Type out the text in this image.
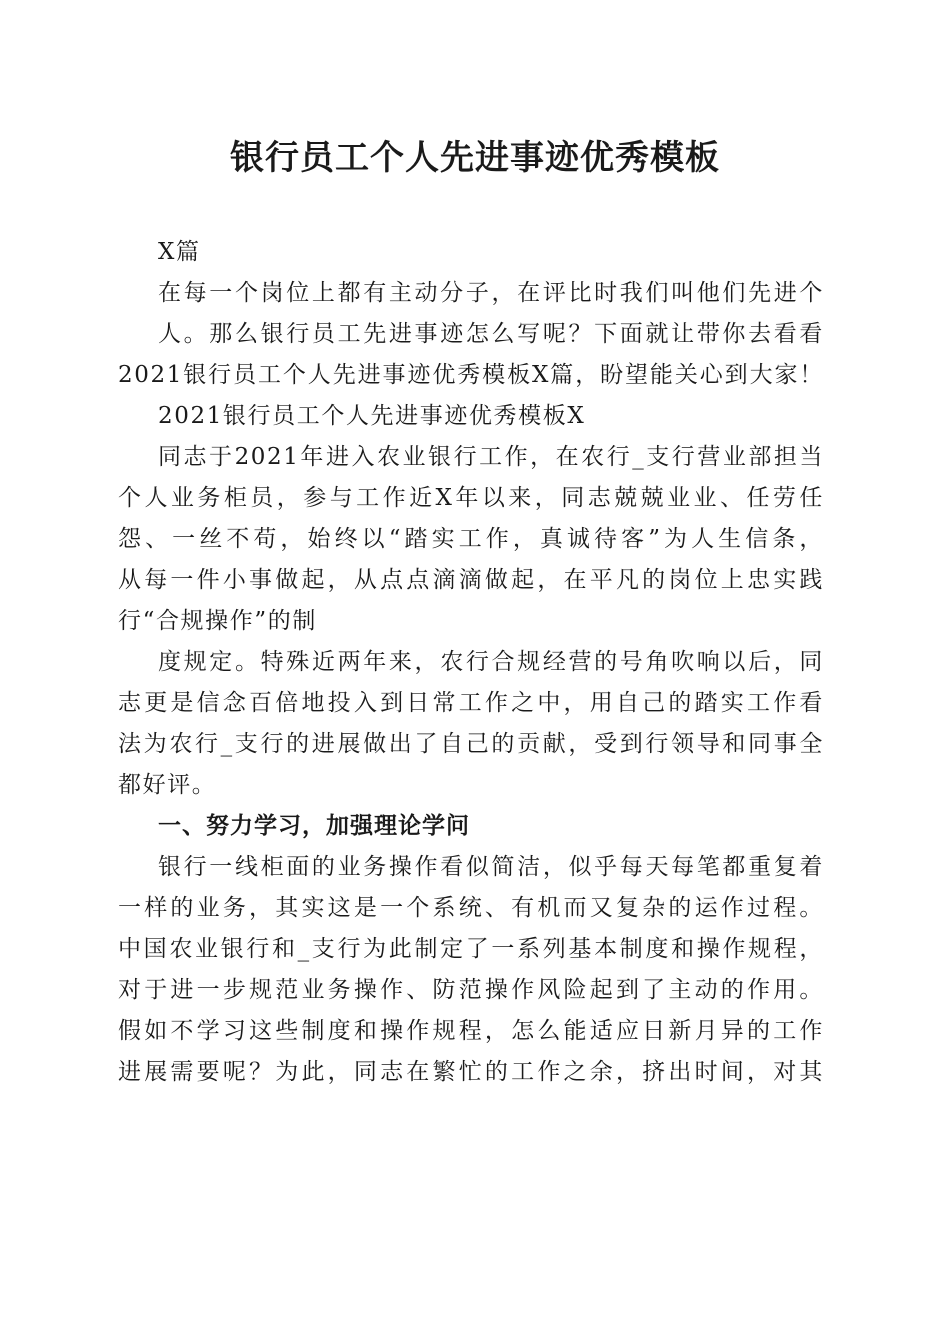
银行员工个人先进事迹优秀模板

X篇

在每一个岗位上都有主动分子，在评比时我们叫他们先进个

人。那么银行员工先进事迹怎么写呢？下面就让带你去看看

2021银行员工个人先进事迹优秀模板X篇，盼望能关心到大家！

2021银行员工个人先进事迹优秀模板X

同志于2021年进入农业银行工作，在农行_支行营业部担当

个人业务柜员，参与工作近X年以来，同志兢兢业业、任劳任

怨、一丝不苟，始终以“踏实工作，真诚待客”为人生信条，

从每一件小事做起，从点点滴滴做起，在平凡的岗位上忠实践

行“合规操作”的制

度规定。特殊近两年来，农行合规经营的号角吹响以后，同

志更是信念百倍地投入到日常工作之中，用自己的踏实工作看

法为农行_支行的进展做出了自己的贡献，受到行领导和同事全

都好评。

一、努力学习，加强理论学问

银行一线柜面的业务操作看似简洁，似乎每天每笔都重复着

一样的业务，其实这是一个系统、有机而又复杂的运作过程。

中国农业银行和_支行为此制定了一系列基本制度和操作规程，

对于进一步规范业务操作、防范操作风险起到了主动的作用。

假如不学习这些制度和操作规程，怎么能适应日新月异的工作

进展需要呢？为此，同志在繁忙的工作之余，挤出时间，对其
